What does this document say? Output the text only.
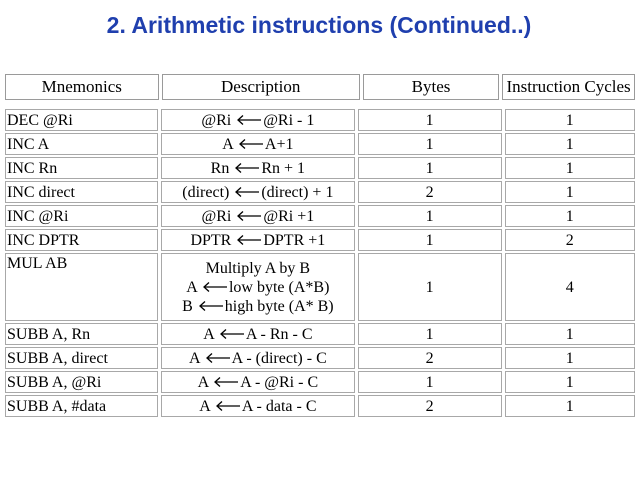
2. Arithmetic instructions (Continued..)
Mnemonics	Description	Bytes	Instruction Cycles
DEC @Ri	@Ri @Ri - 1	1	1
INC A	A A+1	1	1
INC Rn	Rn Rn + 1	1	1
INC direct	(direct) (direct) + 1	2	1
INC @Ri	@Ri @Ri +1	1	1
INC DPTR	DPTR DPTR +1	1	2
MUL AB	Multiply A by B
A low byte (A*B)
B high byte (A* B)	1	4
SUBB A, Rn	A A - Rn - C	1	1
SUBB A, direct	A A - (direct) - C	2	1
SUBB A, @Ri	A A - @Ri - C	1	1
SUBB A, #data	A A - data - C	2	1
